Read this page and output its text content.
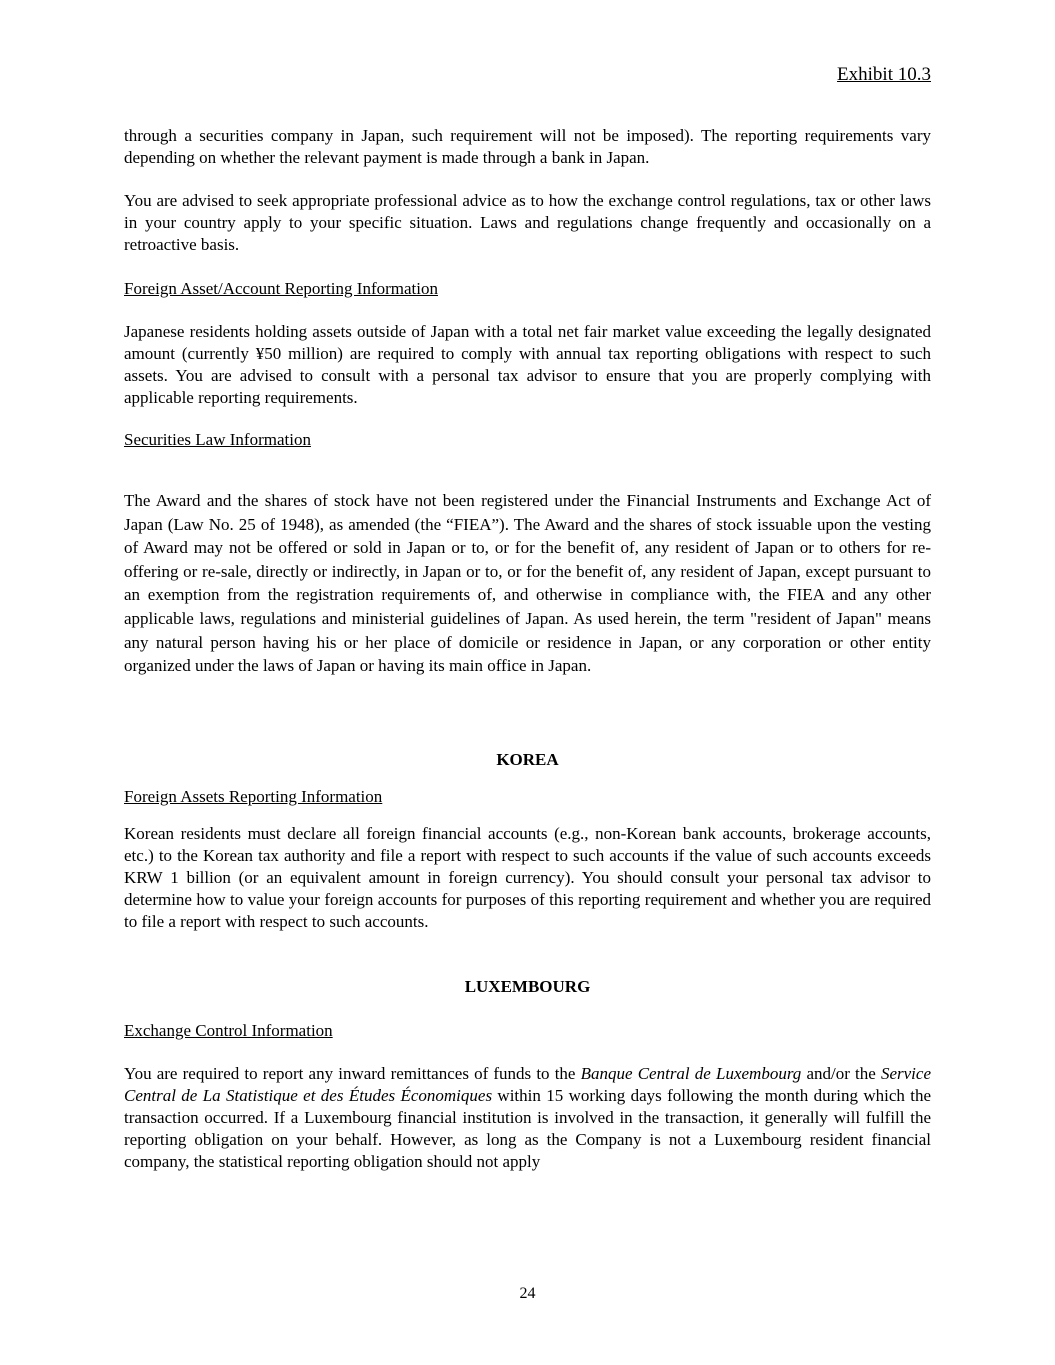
Exhibit 10.3

through a securities company in Japan, such requirement will not be imposed). The reporting requirements vary depending on whether the relevant payment is made through a bank in Japan.

You are advised to seek appropriate professional advice as to how the exchange control regulations, tax or other laws in your country apply to your specific situation. Laws and regulations change frequently and occasionally on a retroactive basis.

Foreign Asset/Account Reporting Information

Japanese residents holding assets outside of Japan with a total net fair market value exceeding the legally designated amount (currently ¥50 million) are required to comply with annual tax reporting obligations with respect to such assets. You are advised to consult with a personal tax advisor to ensure that you are properly complying with applicable reporting requirements.

Securities Law Information

The Award and the shares of stock have not been registered under the Financial Instruments and Exchange Act of Japan (Law No. 25 of 1948), as amended (the “FIEA”). The Award and the shares of stock issuable upon the vesting of Award may not be offered or sold in Japan or to, or for the benefit of, any resident of Japan or to others for re-offering or re-sale, directly or indirectly, in Japan or to, or for the benefit of, any resident of Japan, except pursuant to an exemption from the registration requirements of, and otherwise in compliance with, the FIEA and any other applicable laws, regulations and ministerial guidelines of Japan. As used herein, the term "resident of Japan" means any natural person having his or her place of domicile or residence in Japan, or any corporation or other entity organized under the laws of Japan or having its main office in Japan.

KOREA

Foreign Assets Reporting Information

Korean residents must declare all foreign financial accounts (e.g., non-Korean bank accounts, brokerage accounts, etc.) to the Korean tax authority and file a report with respect to such accounts if the value of such accounts exceeds KRW 1 billion (or an equivalent amount in foreign currency). You should consult your personal tax advisor to determine how to value your foreign accounts for purposes of this reporting requirement and whether you are required to file a report with respect to such accounts.

LUXEMBOURG

Exchange Control Information

You are required to report any inward remittances of funds to the Banque Central de Luxembourg and/or the Service Central de La Statistique et des Études Économiques within 15 working days following the month during which the transaction occurred. If a Luxembourg financial institution is involved in the transaction, it generally will fulfill the reporting obligation on your behalf. However, as long as the Company is not a Luxembourg resident financial company, the statistical reporting obligation should not apply

24
